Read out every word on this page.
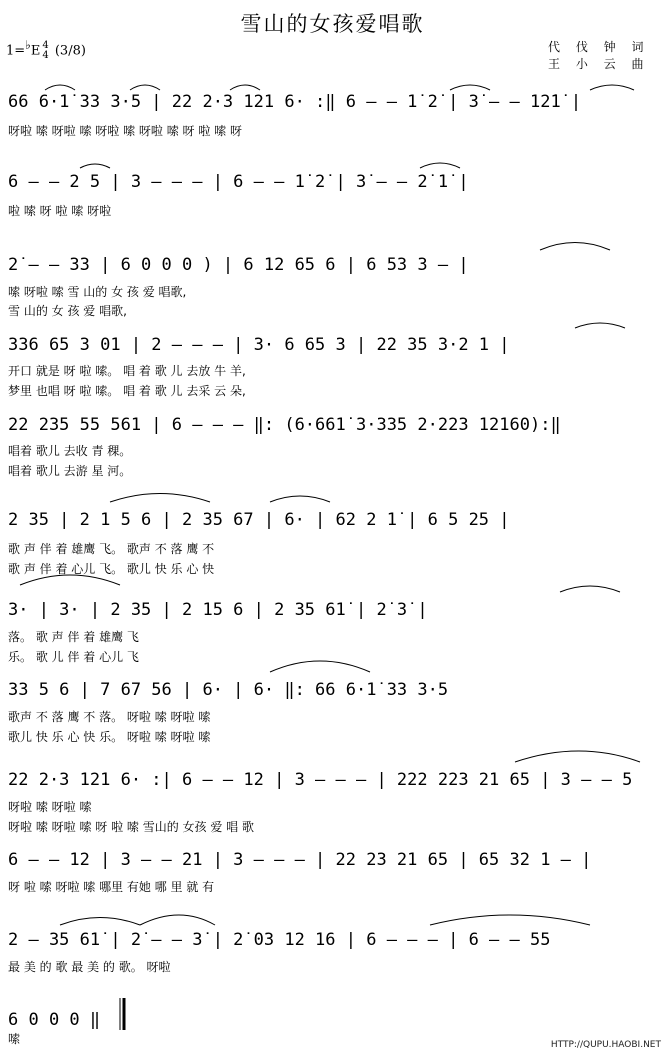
雪山的女孩爱唱歌
1=♭E 4
4 (3/8)	代 伐 钟 词
王 小 云 曲
66 6·1̇ 33 3·5 | 22 2·3 121 6· :‖ 6 – – 1̇ 2̇ | 3̇ – – 12̇1̇ |
呀啦 嗦 呀啦 嗦 呀啦 嗦 呀啦 嗦 呀 啦 嗦 呀
6 – – 2 5 | 3 – – – | 6 – – 1̇ 2̇ | 3̇ – – 2̇ 1̇ |
啦 嗦 呀 啦 嗦 呀啦
2̇ – – 33 | 6 0 0 0 ) | 6 12 65 6 | 6 53 3 – |
嗦 呀啦 嗦 雪 山的 女 孩 爱 唱歌,
雪 山的 女 孩 爱 唱歌,
336 65 3 01 | 2 – – – | 3· 6 65 3 | 22 35 3·2 1 |
开口 就是 呀 啦 嗦。 唱 着 歌 儿 去放 牛 羊,
梦里 也唱 呀 啦 嗦。 唱 着 歌 儿 去采 云 朵,
22 235 55 561 | 6 – – – ‖: (6·661̇ 3·335 2·223 12160):‖
唱着 歌儿 去收 青 稞。
唱着 歌儿 去游 星 河。
2 35 | 2 1 5 6 | 2 35 67 | 6· | 62 2 1̇ | 6 5 25 |
歌 声 伴 着 雄鹰 飞。 歌声 不 落 鹰 不
歌 声 伴 着 心儿 飞。 歌儿 快 乐 心 快
3· | 3· | 2 35 | 2 15 6 | 2 35 61̇ | 2̇ 3̇ |
落。 歌 声 伴 着 雄鹰 飞
乐。 歌 儿 伴 着 心儿 飞
33 5 6 | 7 67 56 | 6· | 6· ‖: 66 6·1̇ 33 3·5
歌声 不 落 鹰 不 落。 呀啦 嗦 呀啦 嗦
歌儿 快 乐 心 快 乐。 呀啦 嗦 呀啦 嗦
22 2·3 121 6· :| 6 – – 12 | 3 – – – | 222 223 21 65 | 3 – – 5
呀啦 嗦 呀啦 嗦
呀啦 嗦 呀啦 嗦 呀 啦 嗦 雪山的 女孩 爱 唱 歌
6 – – 12 | 3 – – 21 | 3 – – – | 22 23 21 65 | 65 32 1 – |
呀 啦 嗦 呀啦 嗦 哪里 有她 哪 里 就 有
2 – 35 61̇ | 2̇ – – 3̇ | 2̇ 03 12 16 | 6 – – – | 6 – – 55
最 美 的 歌 最 美 的 歌。 呀啦
6 0 0 0 ‖
嗦	HTTP://QUPU.HAOBI.NET
